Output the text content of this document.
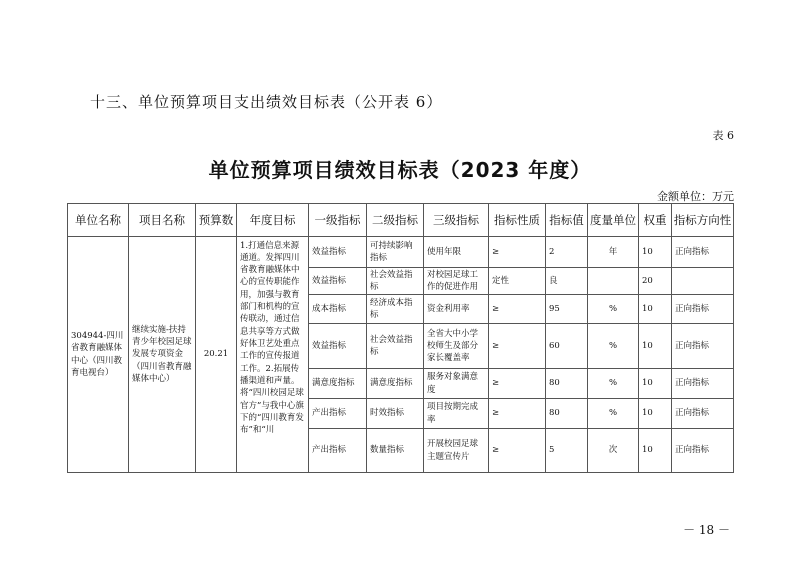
十三、单位预算项目支出绩效目标表（公开表 6）
表 6
单位预算项目绩效目标表（2023 年度）
金额单位：万元
单位名称	项目名称	预算数	年度目标	一级指标	二级指标	三级指标	指标性质	指标值	度量单位	权重	指标方向性
304944-四川省教育融媒体中心（四川教育电视台）	继续实施-扶持青少年校园足球发展专项资金（四川省教育融媒体中心）	20.21	1.打通信息来源通道。发挥四川省教育融媒体中心的宣传职能作用，加强与教育部门和机构的宣传联动，通过信息共享等方式做好体卫艺处重点工作的宣传报道工作。2.拓展传播渠道和声量。将“四川校园足球官方”与我中心旗下的“四川教育发布”和“川	效益指标	可持续影响指标	使用年限	≥	2	年	10	正向指标
				效益指标	社会效益指标	对校园足球工作的促进作用	定性	良		20	
				成本指标	经济成本指标	资金利用率	≥	95	%	10	正向指标
				效益指标	社会效益指标	全省大中小学校师生及部分家长覆盖率	≥	60	%	10	正向指标
				满意度指标	满意度指标	服务对象满意度	≥	80	%	10	正向指标
				产出指标	时效指标	项目按期完成率	≥	80	%	10	正向指标
				产出指标	数量指标	开展校园足球主题宣传片	≥	5	次	10	正向指标
－ 18 －
